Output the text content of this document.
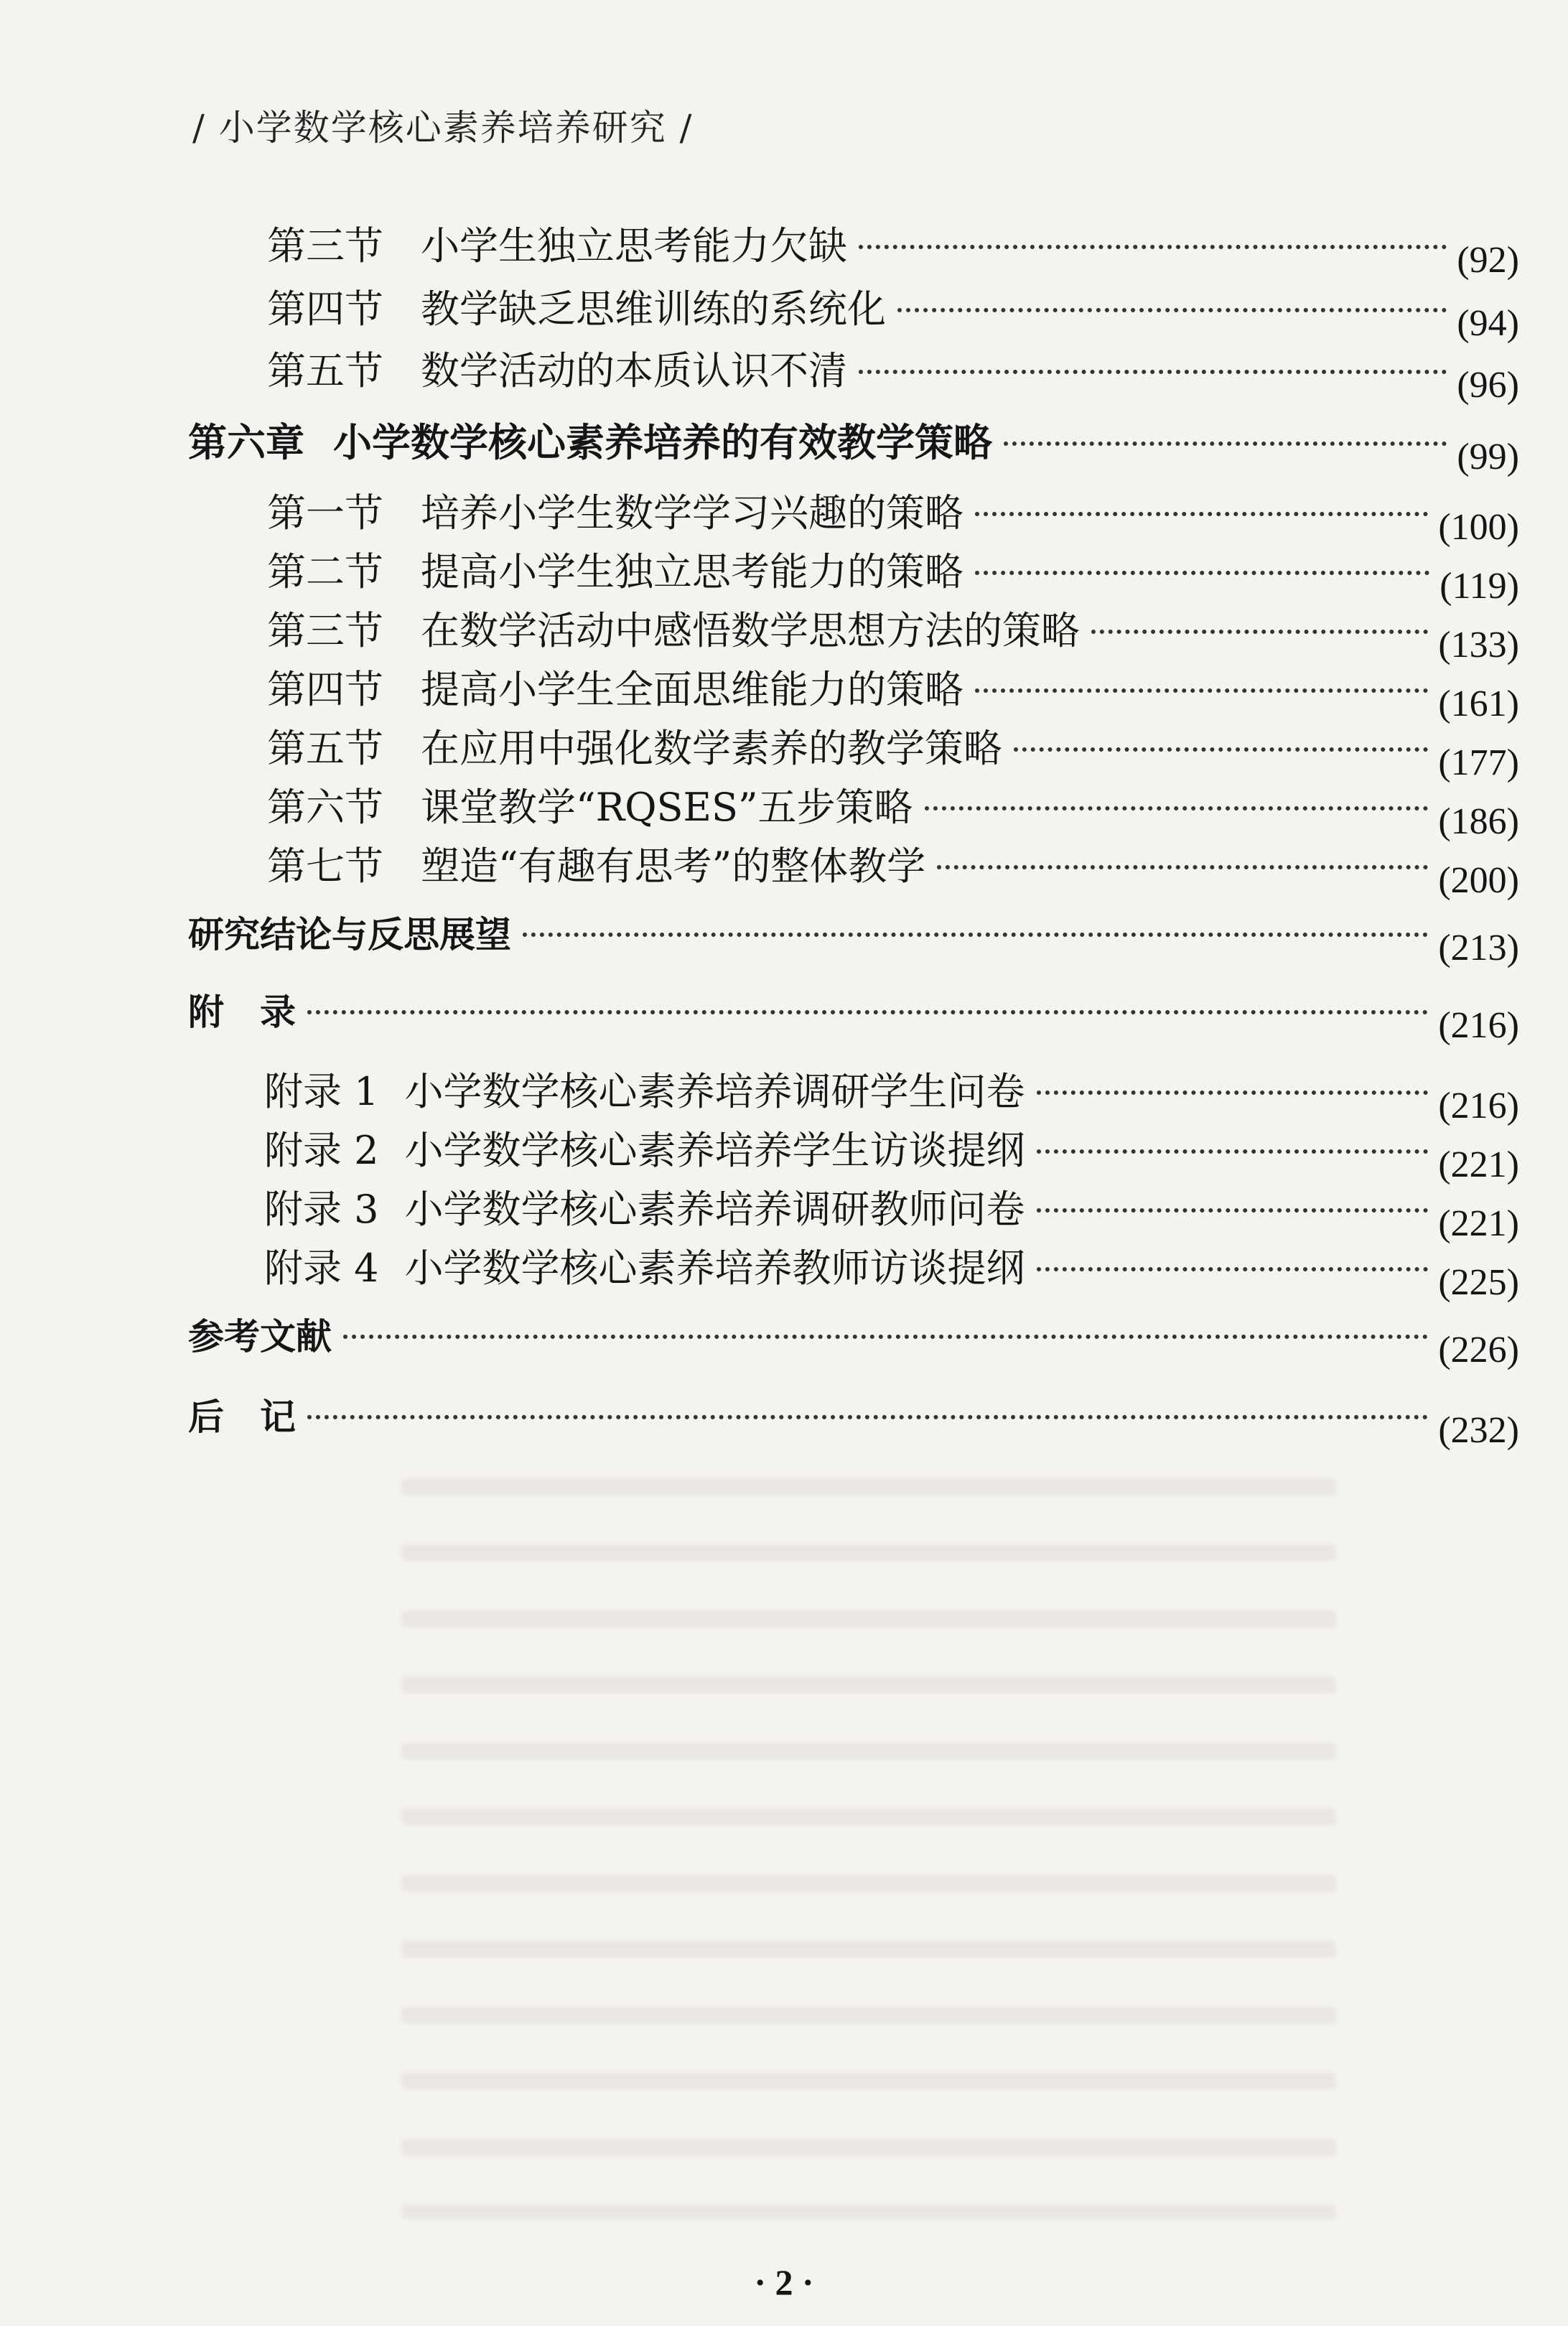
/ 小学数学核心素养培养研究 /
第三节 小学生独立思考能力欠缺	(92)
第四节 教学缺乏思维训练的系统化	(94)
第五节 数学活动的本质认识不清	(96)
第六章 小学数学核心素养培养的有效教学策略	(99)
第一节 培养小学生数学学习兴趣的策略	(100)
第二节 提高小学生独立思考能力的策略	(119)
第三节 在数学活动中感悟数学思想方法的策略	(133)
第四节 提高小学生全面思维能力的策略	(161)
第五节 在应用中强化数学素养的教学策略	(177)
第六节 课堂教学“RQSES”五步策略	(186)
第七节 塑造“有趣有思考”的整体教学	(200)
研究结论与反思展望	(213)
附　录	(216)
附录 1 小学数学核心素养培养调研学生问卷	(216)
附录 2 小学数学核心素养培养学生访谈提纲	(221)
附录 3 小学数学核心素养培养调研教师问卷	(221)
附录 4 小学数学核心素养培养教师访谈提纲	(225)
参考文献	(226)
后　记	(232)
· 2 ·
